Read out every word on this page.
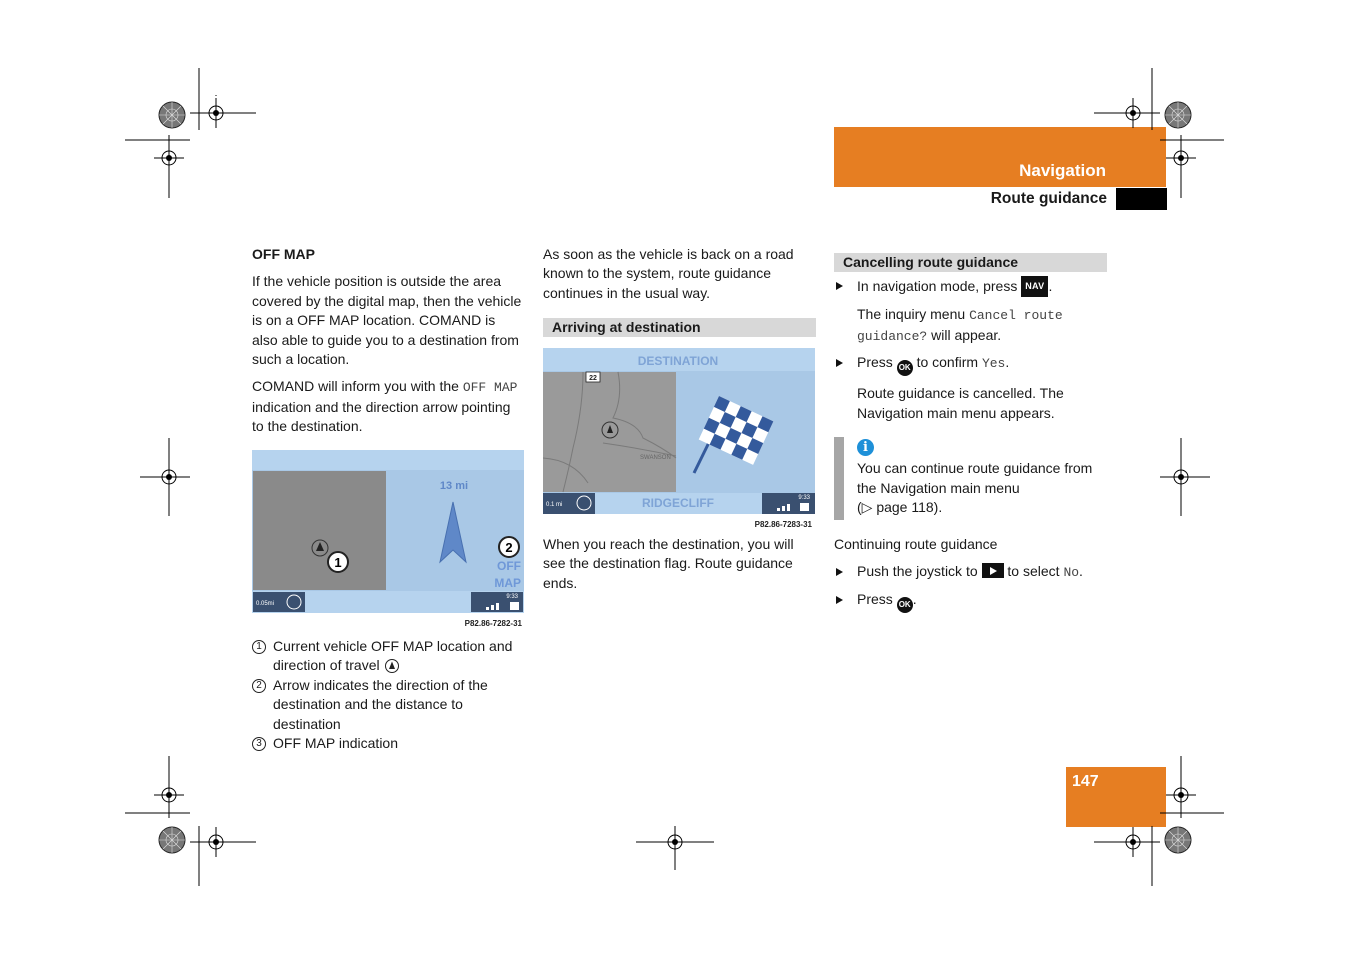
Navigation
Route guidance

OFF MAP

If the vehicle position is outside the area covered by the digital map, then the vehicle is on a OFF MAP location. COMAND is also able to guide you to a destination from such a location.

COMAND will inform you with the OFF MAP indication and the direction arrow pointing to the destination.

1
2
13 mi
OFF
MAP
0.05mi
9:33
P82.86-7282-31
1 Current vehicle OFF MAP location and direction of travel
2 Arrow indicates the direction of the destination and the distance to destination
3 OFF MAP indication

As soon as the vehicle is back on a road known to the system, route guidance continues in the usual way.

Arriving at destination
DESTINATION
22
SWANSON
0.1 mi	RIDGECLIFF	9:33
P82.86-7283-31

When you reach the destination, you will see the destination flag. Route guidance ends.

Cancelling route guidance
In navigation mode, press NAV .
The inquiry menu Cancel route guidance? will appear.
Press OK to confirm Yes.
Route guidance is cancelled. The Navigation main menu appears.
i
You can continue route guidance from the Navigation main menu
(▷ page 118).
Continuing route guidance
Push the joystick to  to select No.
Press OK .
147
